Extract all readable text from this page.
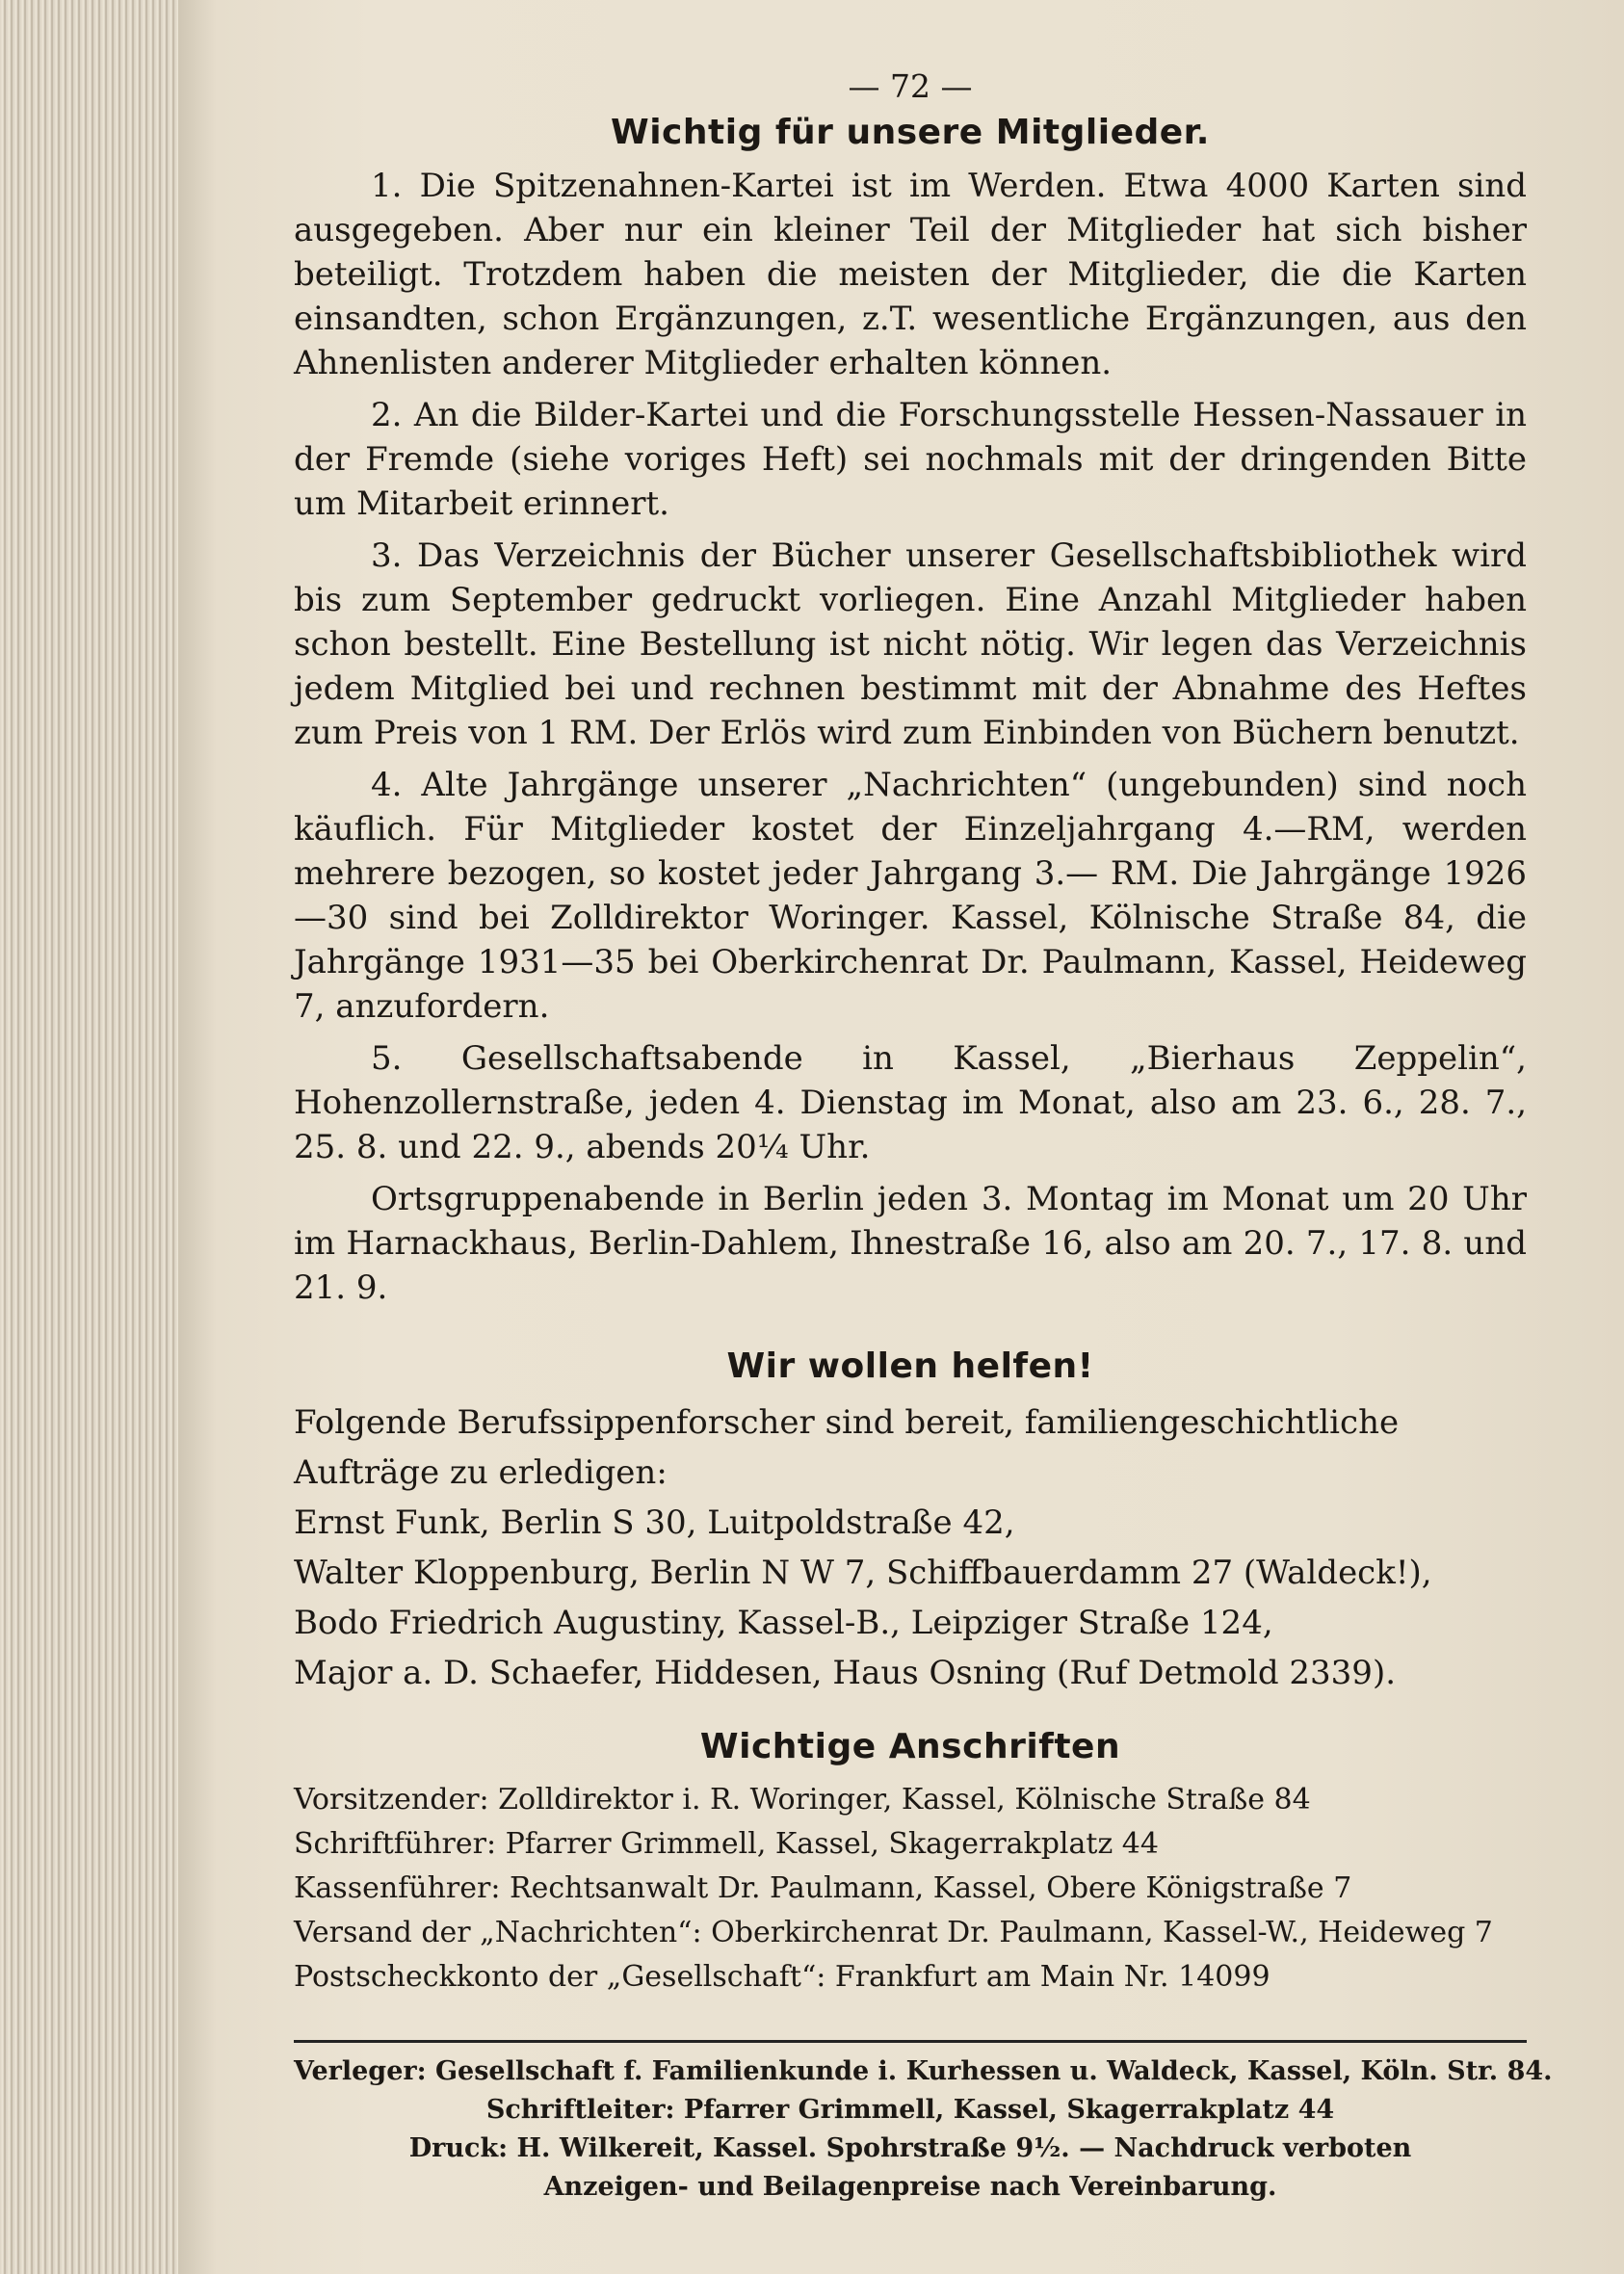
— 72 —

Wichtig für unsere Mitglieder.

1. Die Spitzenahnen-Kartei ist im Werden. Etwa 4000 Karten sind ausgegeben. Aber nur ein kleiner Teil der Mitglieder hat sich bisher beteiligt. Trotzdem haben die meisten der Mitglieder, die die Karten einsandten, schon Ergänzungen, z.T. wesentliche Ergänzungen, aus den Ahnenlisten anderer Mitglieder erhalten können.

2. An die Bilder-Kartei und die Forschungsstelle Hessen-Nassauer in der Fremde (siehe voriges Heft) sei nochmals mit der dringenden Bitte um Mitarbeit erinnert.

3. Das Verzeichnis der Bücher unserer Gesellschaftsbibliothek wird bis zum September gedruckt vorliegen. Eine Anzahl Mitglieder haben schon bestellt. Eine Bestellung ist nicht nötig. Wir legen das Verzeichnis jedem Mitglied bei und rechnen bestimmt mit der Abnahme des Heftes zum Preis von 1 RM. Der Erlös wird zum Einbinden von Büchern benutzt.

4. Alte Jahrgänge unserer „Nachrichten“ (ungebunden) sind noch käuflich. Für Mitglieder kostet der Einzeljahrgang 4.—RM, werden mehrere bezogen, so kostet jeder Jahrgang 3.— RM. Die Jahrgänge 1926—30 sind bei Zolldirektor Woringer. Kassel, Kölnische Straße 84, die Jahrgänge 1931—35 bei Oberkirchenrat Dr. Paulmann, Kassel, Heideweg 7, anzufordern.

5. Gesellschaftsabende in Kassel, „Bierhaus Zeppelin“, Hohenzollernstraße, jeden 4. Dienstag im Monat, also am 23. 6., 28. 7., 25. 8. und 22. 9., abends 20¼ Uhr.

Ortsgruppenabende in Berlin jeden 3. Montag im Monat um 20 Uhr im Harnackhaus, Berlin-Dahlem, Ihnestraße 16, also am 20. 7., 17. 8. und 21. 9.

Wir wollen helfen!

Folgende Berufssippenforscher sind bereit, familiengeschichtliche Aufträge zu erledigen:

Ernst Funk, Berlin S 30, Luitpoldstraße 42,

Walter Kloppenburg, Berlin N W 7, Schiffbauerdamm 27 (Waldeck!),

Bodo Friedrich Augustiny, Kassel-B., Leipziger Straße 124,

Major a. D. Schaefer, Hiddesen, Haus Osning (Ruf Detmold 2339).

Wichtige Anschriften

Vorsitzender: Zolldirektor i. R. Woringer, Kassel, Kölnische Straße 84

Schriftführer: Pfarrer Grimmell, Kassel, Skagerrakplatz 44

Kassenführer: Rechtsanwalt Dr. Paulmann, Kassel, Obere Königstraße 7

Versand der „Nachrichten“: Oberkirchenrat Dr. Paulmann, Kassel-W., Heideweg 7

Postscheckkonto der „Gesellschaft“: Frankfurt am Main Nr. 14099

Verleger: Gesellschaft f. Familienkunde i. Kurhessen u. Waldeck, Kassel, Köln. Str. 84.

Schriftleiter: Pfarrer Grimmell, Kassel, Skagerrakplatz 44

Druck: H. Wilkereit, Kassel. Spohrstraße 9½. — Nachdruck verboten

Anzeigen- und Beilagenpreise nach Vereinbarung.
